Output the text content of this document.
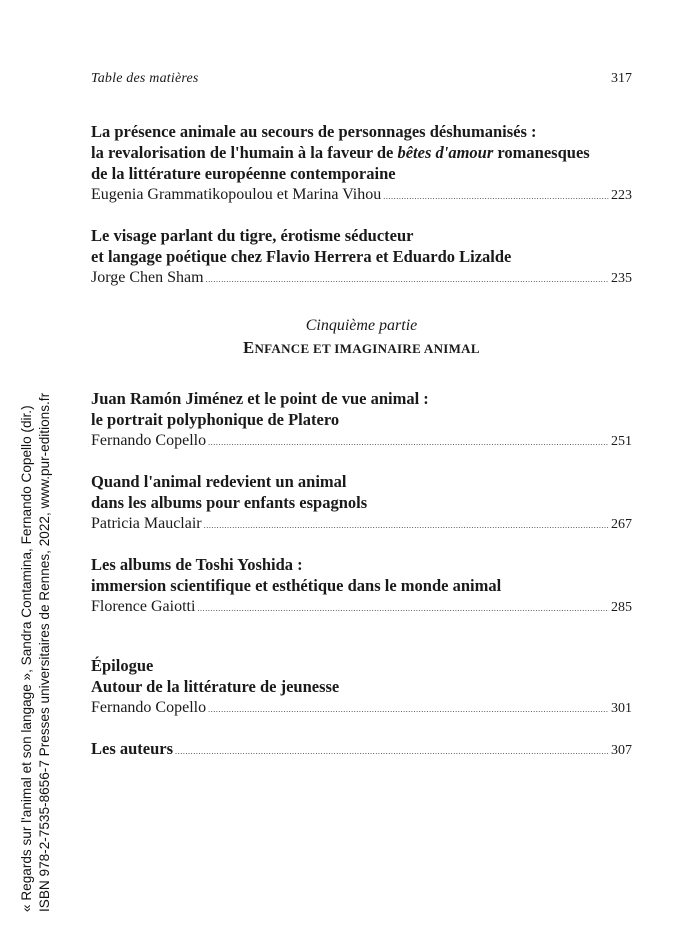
Table des matières	317
La présence animale au secours de personnages déshumanisés :
la revalorisation de l'humain à la faveur de bêtes d'amour romanesques
de la littérature européenne contemporaine
Eugenia Grammatikopoulou et Marina Vihou .....	223
Le visage parlant du tigre, érotisme séducteur
et langage poétique chez Flavio Herrera et Eduardo Lizalde
Jorge Chen Sham .....	235
Cinquième partie
ENFANCE ET IMAGINAIRE ANIMAL
Juan Ramón Jiménez et le point de vue animal :
le portrait polyphonique de Platero
Fernando Copello .....	251
Quand l'animal redevient un animal
dans les albums pour enfants espagnols
Patricia Mauclair .....	267
Les albums de Toshi Yoshida :
immersion scientifique et esthétique dans le monde animal
Florence Gaiotti .....	285
Épilogue
Autour de la littérature de jeunesse
Fernando Copello .....	301
Les auteurs .....	307
« Regards sur l'animal et son langage », Sandra Contamina, Fernando Copello (dir.) ISBN 978-2-7535-8656-7 Presses universitaires de Rennes, 2022, www.pur-editions.fr
